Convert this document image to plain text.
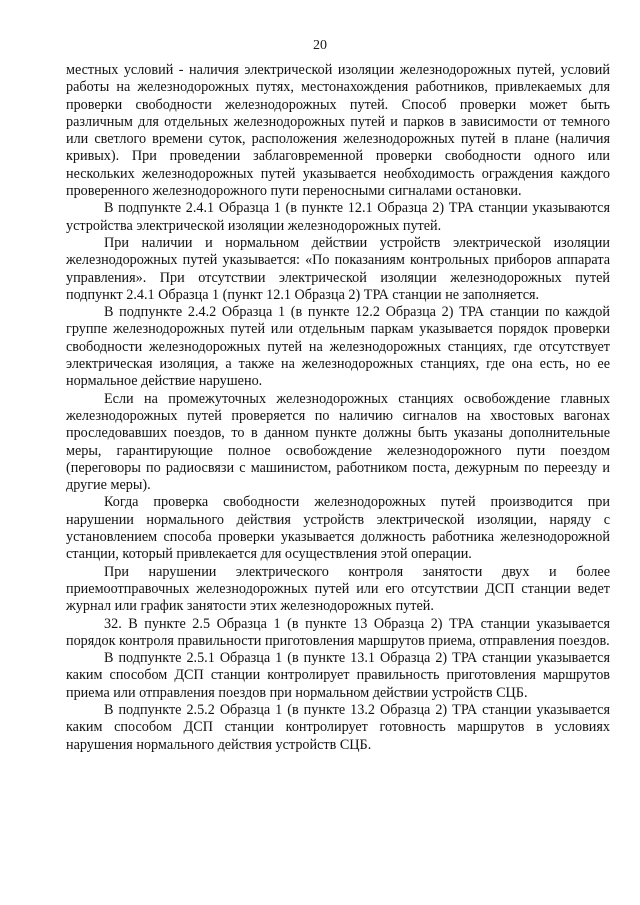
20

местных условий - наличия электрической изоляции железнодорожных путей, условий работы на железнодорожных путях, местонахождения работников, привлекаемых для проверки свободности железнодорожных путей. Способ проверки может быть различным для отдельных железнодорожных путей и парков в зависимости от темного или светлого времени суток, расположения железнодорожных путей в плане (наличия кривых). При проведении заблаговременной проверки свободности одного или нескольких железнодорожных путей указывается необходимость ограждения каждого проверенного железнодорожного пути переносными сигналами остановки.

В подпункте 2.4.1 Образца 1 (в пункте 12.1 Образца 2) ТРА станции указываются устройства электрической изоляции железнодорожных путей.

При наличии и нормальном действии устройств электрической изоляции железнодорожных путей указывается: «По показаниям контрольных приборов аппарата управления». При отсутствии электрической изоляции железнодорожных путей подпункт 2.4.1 Образца 1 (пункт 12.1 Образца 2) ТРА станции не заполняется.

В подпункте 2.4.2 Образца 1 (в пункте 12.2 Образца 2) ТРА станции по каждой группе железнодорожных путей или отдельным паркам указывается порядок проверки свободности железнодорожных путей на железнодорожных станциях, где отсутствует электрическая изоляция, а также на железнодорожных станциях, где она есть, но ее нормальное действие нарушено.

Если на промежуточных железнодорожных станциях освобождение главных железнодорожных путей проверяется по наличию сигналов на хвостовых вагонах проследовавших поездов, то в данном пункте должны быть указаны дополнительные меры, гарантирующие полное освобождение железнодорожного пути поездом (переговоры по радиосвязи с машинистом, работником поста, дежурным по переезду и другие меры).

Когда проверка свободности железнодорожных путей производится при нарушении нормального действия устройств электрической изоляции, наряду с установлением способа проверки указывается должность работника железнодорожной станции, который привлекается для осуществления этой операции.

При нарушении электрического контроля занятости двух и более приемоотправочных железнодорожных путей или его отсутствии ДСП станции ведет журнал или график занятости этих железнодорожных путей.

32. В пункте 2.5 Образца 1 (в пункте 13 Образца 2) ТРА станции указывается порядок контроля правильности приготовления маршрутов приема, отправления поездов.

В подпункте 2.5.1 Образца 1 (в пункте 13.1 Образца 2) ТРА станции указывается каким способом ДСП станции контролирует правильность приготовления маршрутов приема или отправления поездов при нормальном действии устройств СЦБ.

В подпункте 2.5.2 Образца 1 (в пункте 13.2 Образца 2) ТРА станции указывается каким способом ДСП станции контролирует готовность маршрутов в условиях нарушения нормального действия устройств СЦБ.
